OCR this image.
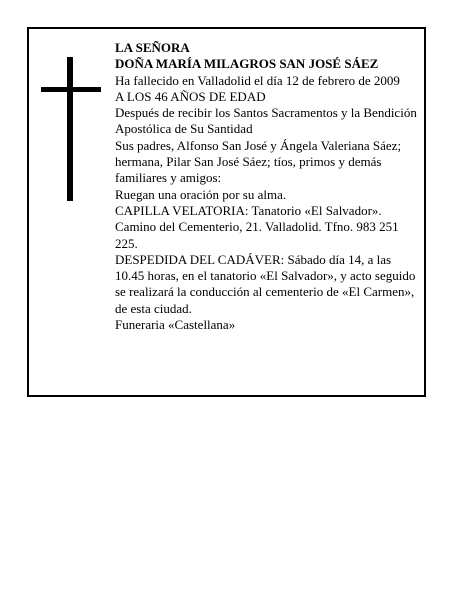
LA SEÑORA

DOÑA MARÍA MILAGROS SAN JOSÉ SÁEZ

Ha fallecido en Valladolid el día 12 de febrero de 2009

A LOS 46 AÑOS DE EDAD

Después de recibir los Santos Sacramentos y la Bendición Apostólica de Su Santidad

Sus padres, Alfonso San José y Ángela Valeriana Sáez; hermana, Pilar San José Sáez; tíos, primos y demás familiares y amigos:

Ruegan una oración por su alma.

CAPILLA VELATORIA: Tanatorio «El Salvador». Camino del Cementerio, 21. Valladolid. Tfno. 983 251 225.

DESPEDIDA DEL CADÁVER: Sábado día 14, a las 10.45 horas, en el tanatorio «El Salvador», y acto seguido se realizará la conducción al cementerio de «El Carmen», de esta ciudad.

Funeraria «Castellana»
